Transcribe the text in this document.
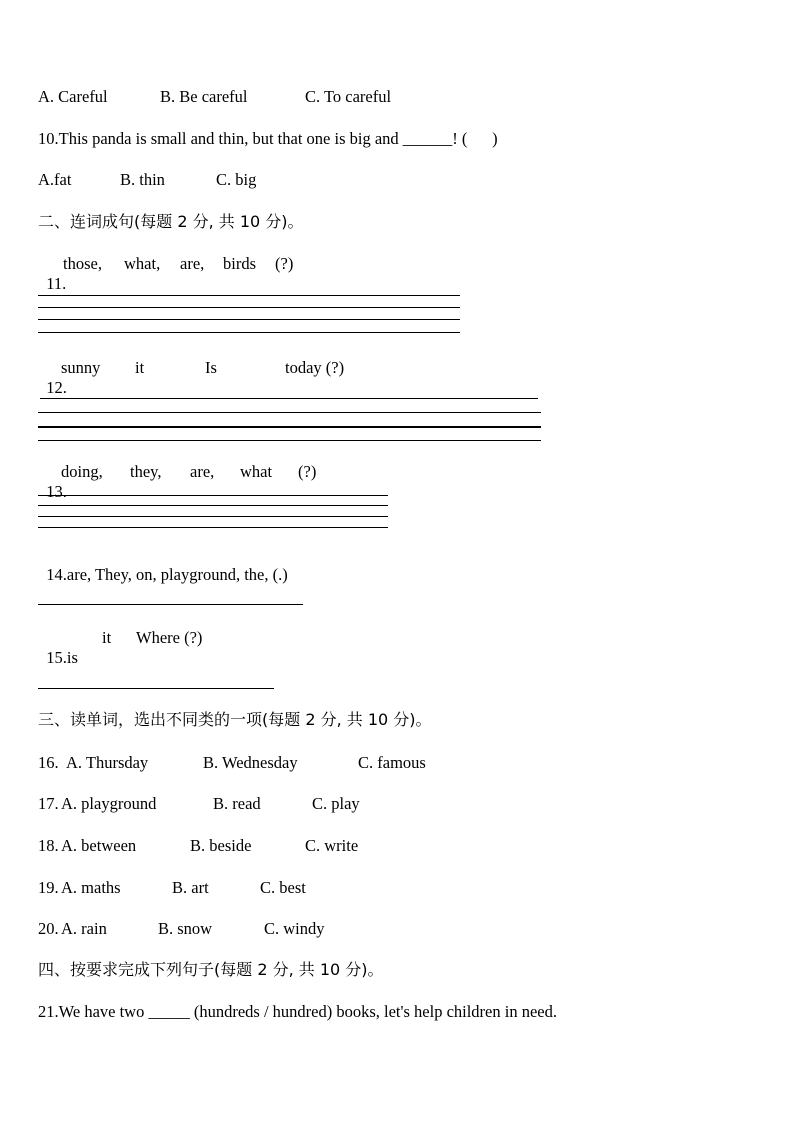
A. Careful	B. Be careful	C. To careful
10.This panda is small and thin, but that one is big and ______! (      )
A.fat	B. thin	C. big
二、连词成句(每题 2 分, 共 10 分)。

11.

those, what, are, birds (?)

12.

sunny it	Is	today (?)

13.

doing, they, are, what (?)

14.are, They, on, playground, the, (.)

15.is

it Where (?)
三、读单词，选出不同类的一项(每题 2 分, 共 10 分)。
16. A. Thursday	B. Wednesday	C. famous
17. A. playground	B. read	C. play
18. A. between	B. beside	C. write
19. A. maths	B. art	C. best
20. A. rain	B. snow	C. windy
四、按要求完成下列句子(每题 2 分, 共 10 分)。
21.We have two _____ (hundreds / hundred) books, let's help children in need.
